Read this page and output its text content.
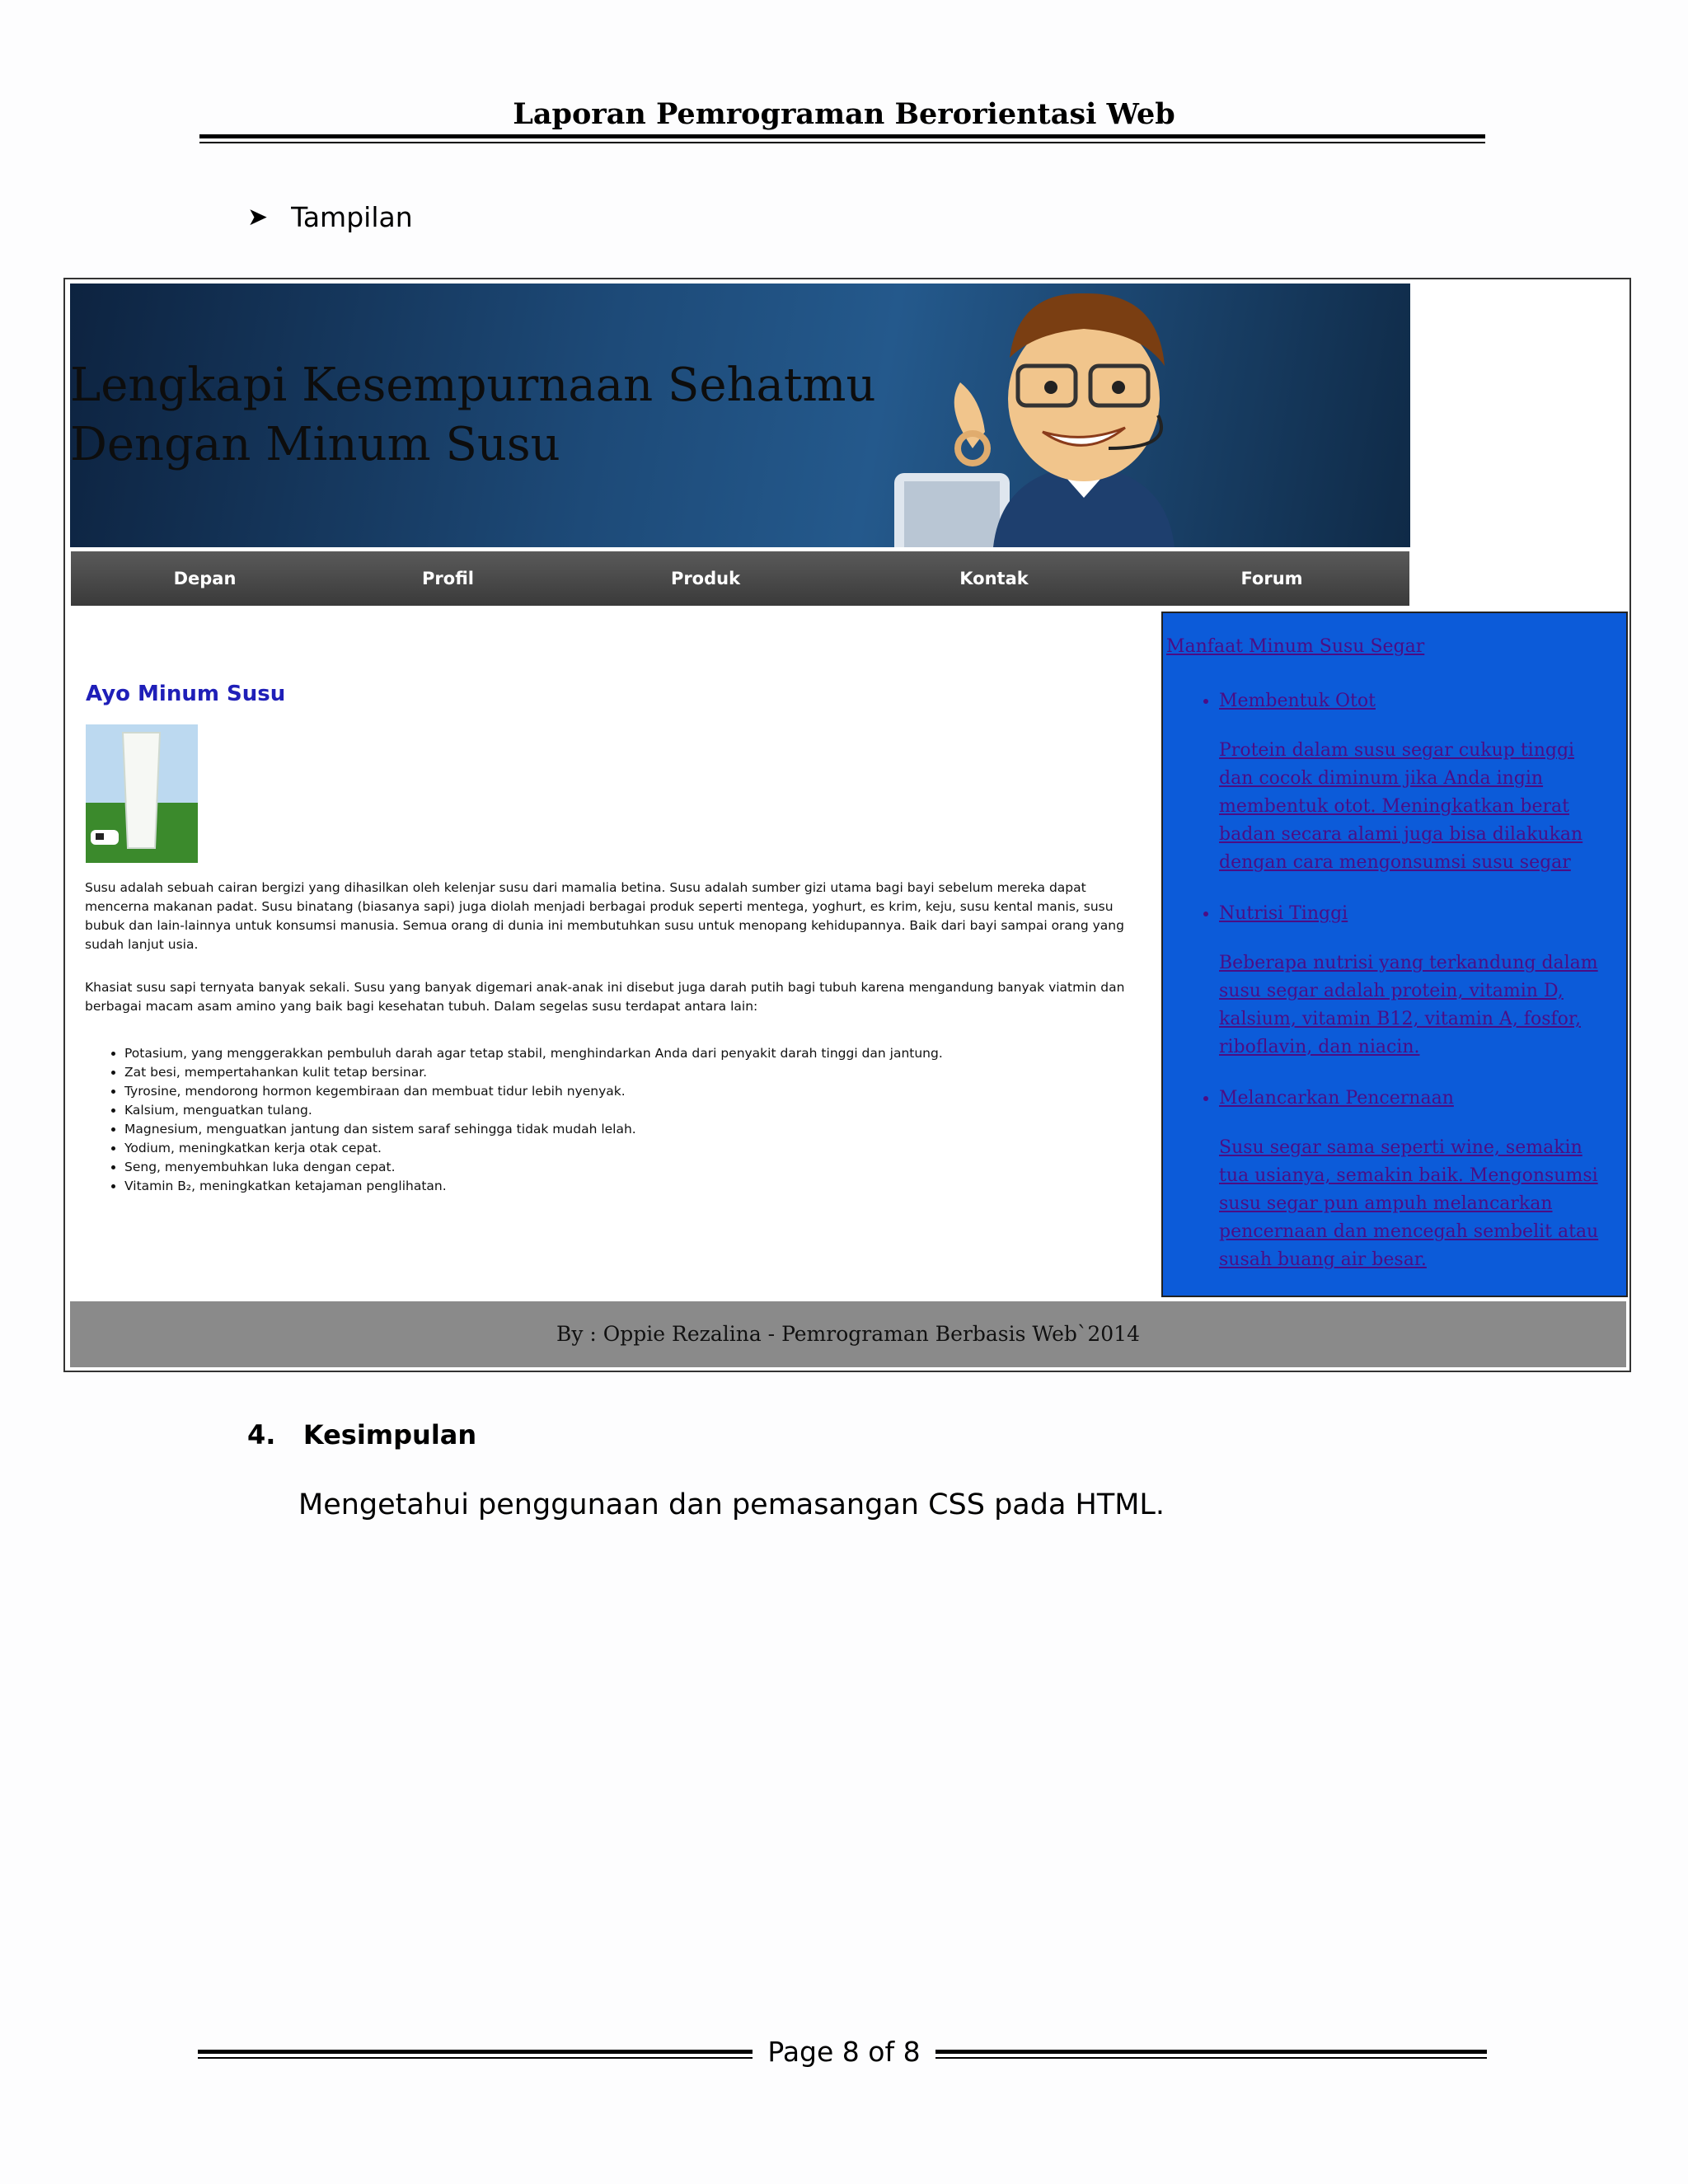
Laporan Pemrograman Berorientasi Web
➤ Tampilan
Lengkapi Kesempurnaan Sehatmu
Dengan Minum Susu
Depan	Profil	Produk	Kontak	Forum
Ayo Minum Susu
Susu adalah sebuah cairan bergizi yang dihasilkan oleh kelenjar susu dari mamalia betina. Susu adalah sumber gizi utama bagi bayi sebelum mereka dapat mencerna makanan padat. Susu binatang (biasanya sapi) juga diolah menjadi berbagai produk seperti mentega, yoghurt, es krim, keju, susu kental manis, susu bubuk dan lain-lainnya untuk konsumsi manusia. Semua orang di dunia ini membutuhkan susu untuk menopang kehidupannya. Baik dari bayi sampai orang yang sudah lanjut usia.
Khasiat susu sapi ternyata banyak sekali. Susu yang banyak digemari anak-anak ini disebut juga darah putih bagi tubuh karena mengandung banyak viatmin dan berbagai macam asam amino yang baik bagi kesehatan tubuh. Dalam segelas susu terdapat antara lain:
• Potasium, yang menggerakkan pembuluh darah agar tetap stabil, menghindarkan Anda dari penyakit darah tinggi dan jantung.
• Zat besi, mempertahankan kulit tetap bersinar.
• Tyrosine, mendorong hormon kegembiraan dan membuat tidur lebih nyenyak.
• Kalsium, menguatkan tulang.
• Magnesium, menguatkan jantung dan sistem saraf sehingga tidak mudah lelah.
• Yodium, meningkatkan kerja otak cepat.
• Seng, menyembuhkan luka dengan cepat.
• Vitamin B₂, meningkatkan ketajaman penglihatan.
Manfaat Minum Susu Segar
• Membentuk Otot

Protein dalam susu segar cukup tinggi dan cocok diminum jika Anda ingin membentuk otot. Meningkatkan berat badan secara alami juga bisa dilakukan dengan cara mengonsumsi susu segar

• Nutrisi Tinggi

Beberapa nutrisi yang terkandung dalam susu segar adalah protein, vitamin D, kalsium, vitamin B12, vitamin A, fosfor, riboflavin, dan niacin.

• Melancarkan Pencernaan

Susu segar sama seperti wine, semakin tua usianya, semakin baik. Mengonsumsi susu segar pun ampuh melancarkan pencernaan dan mencegah sembelit atau susah buang air besar.

By : Oppie Rezalina - Pemrograman Berbasis Web`2014
4. Kesimpulan
Mengetahui penggunaan dan pemasangan CSS pada HTML.
Page 8 of 8
